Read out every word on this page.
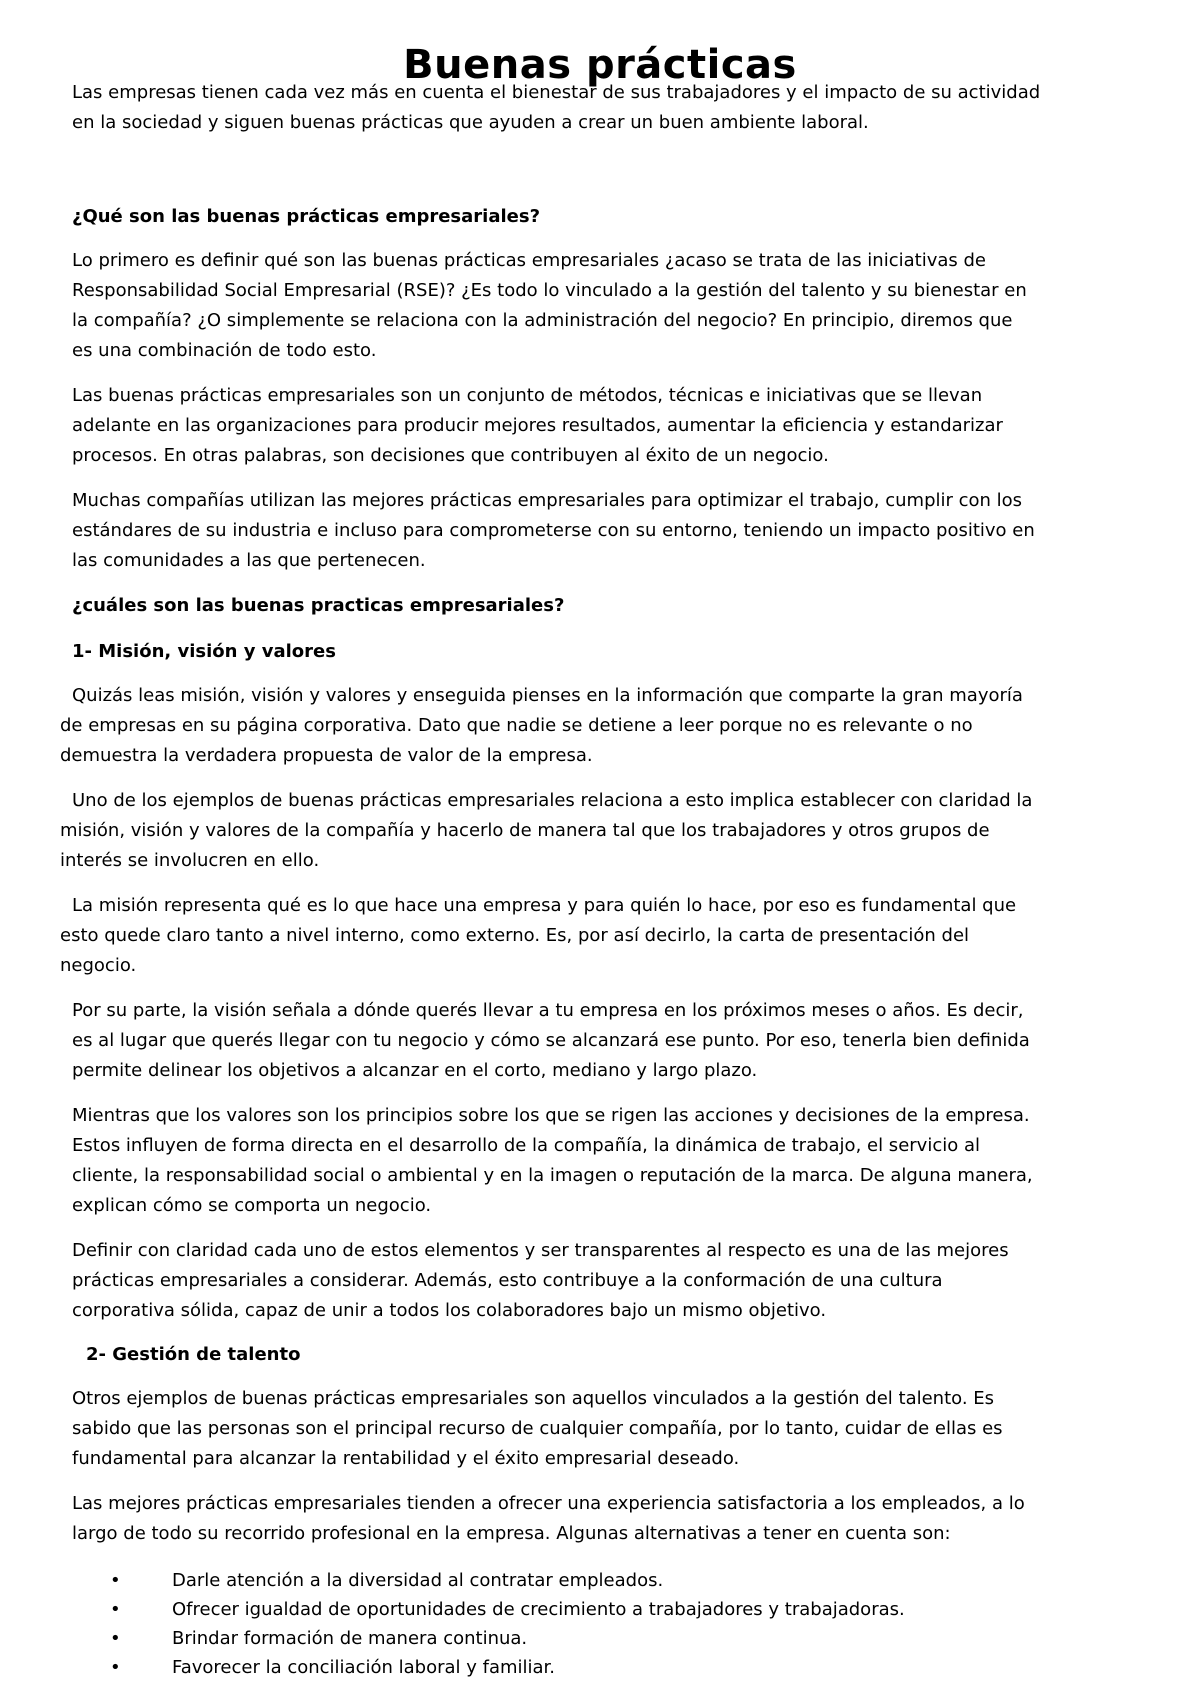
Buenas prácticas

Las empresas tienen cada vez más en cuenta el bienestar de sus trabajadores y el impacto de su actividad
en la sociedad y siguen buenas prácticas que ayuden a crear un buen ambiente laboral.

¿Qué son las buenas prácticas empresariales?

Lo primero es definir qué son las buenas prácticas empresariales ¿acaso se trata de las iniciativas de
Responsabilidad Social Empresarial (RSE)? ¿Es todo lo vinculado a la gestión del talento y su bienestar en
la compañía? ¿O simplemente se relaciona con la administración del negocio? En principio, diremos que
es una combinación de todo esto.

Las buenas prácticas empresariales son un conjunto de métodos, técnicas e iniciativas que se llevan
adelante en las organizaciones para producir mejores resultados, aumentar la eficiencia y estandarizar
procesos. En otras palabras, son decisiones que contribuyen al éxito de un negocio.

Muchas compañías utilizan las mejores prácticas empresariales para optimizar el trabajo, cumplir con los
estándares de su industria e incluso para comprometerse con su entorno, teniendo un impacto positivo en
las comunidades a las que pertenecen.

¿cuáles son las buenas practicas empresariales?

1- Misión, visión y valores

Quizás leas misión, visión y valores y enseguida pienses en la información que comparte la gran mayoría
de empresas en su página corporativa. Dato que nadie se detiene a leer porque no es relevante o no
demuestra la verdadera propuesta de valor de la empresa.

Uno de los ejemplos de buenas prácticas empresariales relaciona a esto implica establecer con claridad la
misión, visión y valores de la compañía y hacerlo de manera tal que los trabajadores y otros grupos de
interés se involucren en ello.

La misión representa qué es lo que hace una empresa y para quién lo hace, por eso es fundamental que
esto quede claro tanto a nivel interno, como externo. Es, por así decirlo, la carta de presentación del
negocio.

Por su parte, la visión señala a dónde querés llevar a tu empresa en los próximos meses o años. Es decir,
es al lugar que querés llegar con tu negocio y cómo se alcanzará ese punto. Por eso, tenerla bien definida
permite delinear los objetivos a alcanzar en el corto, mediano y largo plazo.

Mientras que los valores son los principios sobre los que se rigen las acciones y decisiones de la empresa.
Estos influyen de forma directa en el desarrollo de la compañía, la dinámica de trabajo, el servicio al
cliente, la responsabilidad social o ambiental y en la imagen o reputación de la marca. De alguna manera,
explican cómo se comporta un negocio.

Definir con claridad cada uno de estos elementos y ser transparentes al respecto es una de las mejores
prácticas empresariales a considerar. Además, esto contribuye a la conformación de una cultura
corporativa sólida, capaz de unir a todos los colaboradores bajo un mismo objetivo.

2- Gestión de talento

Otros ejemplos de buenas prácticas empresariales son aquellos vinculados a la gestión del talento. Es
sabido que las personas son el principal recurso de cualquier compañía, por lo tanto, cuidar de ellas es
fundamental para alcanzar la rentabilidad y el éxito empresarial deseado.

Las mejores prácticas empresariales tienden a ofrecer una experiencia satisfactoria a los empleados, a lo
largo de todo su recorrido profesional en la empresa. Algunas alternativas a tener en cuenta son:

•	Darle atención a la diversidad al contratar empleados.
•	Ofrecer igualdad de oportunidades de crecimiento a trabajadores y trabajadoras.
•	Brindar formación de manera continua.
•	Favorecer la conciliación laboral y familiar.
